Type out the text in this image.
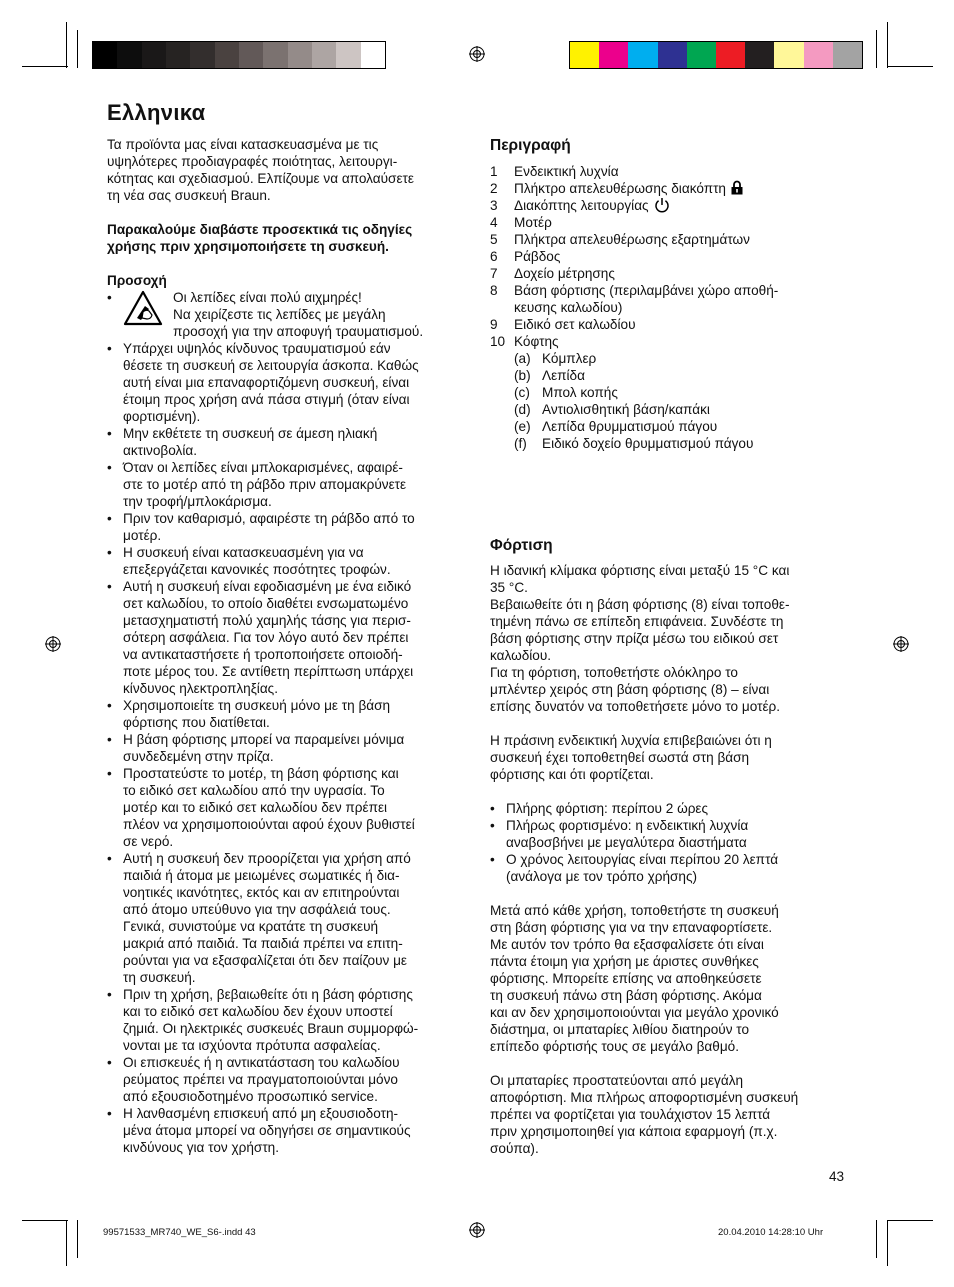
Ελληνικα
Τα προϊόντα μας είναι κατασκευασμένα με τις
υψηλότερες προδιαγραφές ποιότητας, λειτουργι-
κότητας και σχεδιασμού. Ελπίζουμε να απολαύσετε
τη νέα σας συσκευή Braun.
Παρακαλούμε διαβάστε προσεκτικά τις οδηγίες
χρήσης πριν χρησιμοποιήσετε τη συσκευή.
Προσοχή
• Οι λεπίδες είναι πολύ αιχμηρές!
Να χειρίζεστε τις λεπίδες με μεγάλη
προσοχή για την αποφυγή τραυματισμού.
• Υπάρχει υψηλός κίνδυνος τραυματισμού εάν
θέσετε τη συσκευή σε λειτουργία άσκοπα. Καθώς
αυτή είναι μια επαναφορτιζόμενη συσκευή, είναι
έτοιμη προς χρήση ανά πάσα στιγμή (όταν είναι
φορτισμένη).
• Μην εκθέτετε τη συσκευή σε άμεση ηλιακή
ακτινοβολία.
• Όταν οι λεπίδες είναι μπλοκαρισμένες, αφαιρέ-
στε το μοτέρ από τη ράβδο πριν απομακρύνετε
την τροφή/μπλοκάρισμα.
• Πριν τον καθαρισμό, αφαιρέστε τη ράβδο από το
μοτέρ.
• Η συσκευή είναι κατασκευασμένη για να
επεξεργάζεται κανονικές ποσότητες τροφών.
• Αυτή η συσκευή είναι εφοδιασμένη με ένα ειδικό
σετ καλωδίου, το οποίο διαθέτει ενσωματωμένο
μετασχηματιστή πολύ χαμηλής τάσης για περισ-
σότερη ασφάλεια. Για τον λόγο αυτό δεν πρέπει
να αντικαταστήσετε ή τροποποιήσετε οποιοδή-
ποτε μέρος του. Σε αντίθετη περίπτωση υπάρχει
κίνδυνος ηλεκτροπληξίας.
• Χρησιμοποιείτε τη συσκευή μόνο με τη βάση
φόρτισης που διατίθεται.
• Η βάση φόρτισης μπορεί να παραμείνει μόνιμα
συνδεδεμένη στην πρίζα.
• Προστατεύστε το μοτέρ, τη βάση φόρτισης και
το ειδικό σετ καλωδίου από την υγρασία. Το
μοτέρ και το ειδικό σετ καλωδίου δεν πρέπει
πλέον να χρησιμοποιούνται αφού έχουν βυθιστεί
σε νερό.
• Αυτή η συσκευή δεν προορίζεται για χρήση από
παιδιά ή άτομα με μειωμένες σωματικές ή δια-
νοητικές ικανότητες, εκτός και αν επιτηρούνται
από άτομο υπεύθυνο για την ασφάλειά τους.
Γενικά, συνιστούμε να κρατάτε τη συσκευή
μακριά από παιδιά. Τα παιδιά πρέπει να επιτη-
ρούνται για να εξασφαλίζεται ότι δεν παίζουν με
τη συσκευή.
• Πριν τη χρήση, βεβαιωθείτε ότι η βάση φόρτισης
και το ειδικό σετ καλωδίου δεν έχουν υποστεί
ζημιά. Οι ηλεκτρικές συσκευές Braun συμμορφώ-
νονται με τα ισχύοντα πρότυπα ασφαλείας.
• Οι επισκευές ή η αντικατάσταση του καλωδίου
ρεύματος πρέπει να πραγματοποιούνται μόνο
από εξουσιοδοτημένο προσωπικό service.
• Η λανθασμένη επισκευή από μη εξουσιοδοτη-
μένα άτομα μπορεί να οδηγήσει σε σημαντικούς
κινδύνους για τον χρήστη.
Περιγραφή
1	Ενδεικτική λυχνία
2	Πλήκτρο απελευθέρωσης διακόπτη
3	Διακόπτης λειτουργίας
4	Μοτέρ
5	Πλήκτρα απελευθέρωσης εξαρτημάτων
6	Ράβδος
7	Δοχείο μέτρησης
8	Βάση φόρτισης (περιλαμβάνει χώρο αποθή-
κευσης καλωδίου)
9	Ειδικό σετ καλωδίου
10 Κόφτης
(a) Κόμπλερ
(b) Λεπίδα
(c) Μπολ κοπής
(d) Αντιολισθητική βάση/καπάκι
(e) Λεπίδα θρυμματισμού πάγου
(f)	Ειδικό δοχείο θρυμματισμού πάγου
Φόρτιση
Η ιδανική κλίμακα φόρτισης είναι μεταξύ 15 °C και
35 °C.
Βεβαιωθείτε ότι η βάση φόρτισης (8) είναι τοποθε-
τημένη πάνω σε επίπεδη επιφάνεια. Συνδέστε τη
βάση φόρτισης στην πρίζα μέσω του ειδικού σετ
καλωδίου.
Για τη φόρτιση, τοποθετήστε ολόκληρο το
μπλέντερ χειρός στη βάση φόρτισης (8) – είναι
επίσης δυνατόν να τοποθετήσετε μόνο το μοτέρ.
Η πράσινη ενδεικτική λυχνία επιβεβαιώνει ότι η
συσκευή έχει τοποθετηθεί σωστά στη βάση
φόρτισης και ότι φορτίζεται.
• Πλήρης φόρτιση: περίπου 2 ώρες
• Πλήρως φορτισμένο: η ενδεικτική λυχνία
αναβοσβήνει με μεγαλύτερα διαστήματα
• Ο χρόνος λειτουργίας είναι περίπου 20 λεπτά
(ανάλογα με τον τρόπο χρήσης)
Μετά από κάθε χρήση, τοποθετήστε τη συσκευή
στη βάση φόρτισης για να την επαναφορτίσετε.
Με αυτόν τον τρόπο θα εξασφαλίσετε ότι είναι
πάντα έτοιμη για χρήση με άριστες συνθήκες
φόρτισης. Μπορείτε επίσης να αποθηκεύσετε
τη συσκευή πάνω στη βάση φόρτισης. Ακόμα
και αν δεν χρησιμοποιούνται για μεγάλο χρονικό
διάστημα, οι μπαταρίες λιθίου διατηρούν το
επίπεδο φόρτισής τους σε μεγάλο βαθμό.
Οι μπαταρίες προστατεύονται από μεγάλη
αποφόρτιση. Μια πλήρως αποφορτισμένη συσκευή
πρέπει να φορτίζεται για τουλάχιστον 15 λεπτά
πριν χρησιμοποιηθεί για κάποια εφαρμογή (π.χ.
σούπα).
43
99571533_MR740_WE_S6-.indd 43	20.04.2010 14:28:10 Uhr
